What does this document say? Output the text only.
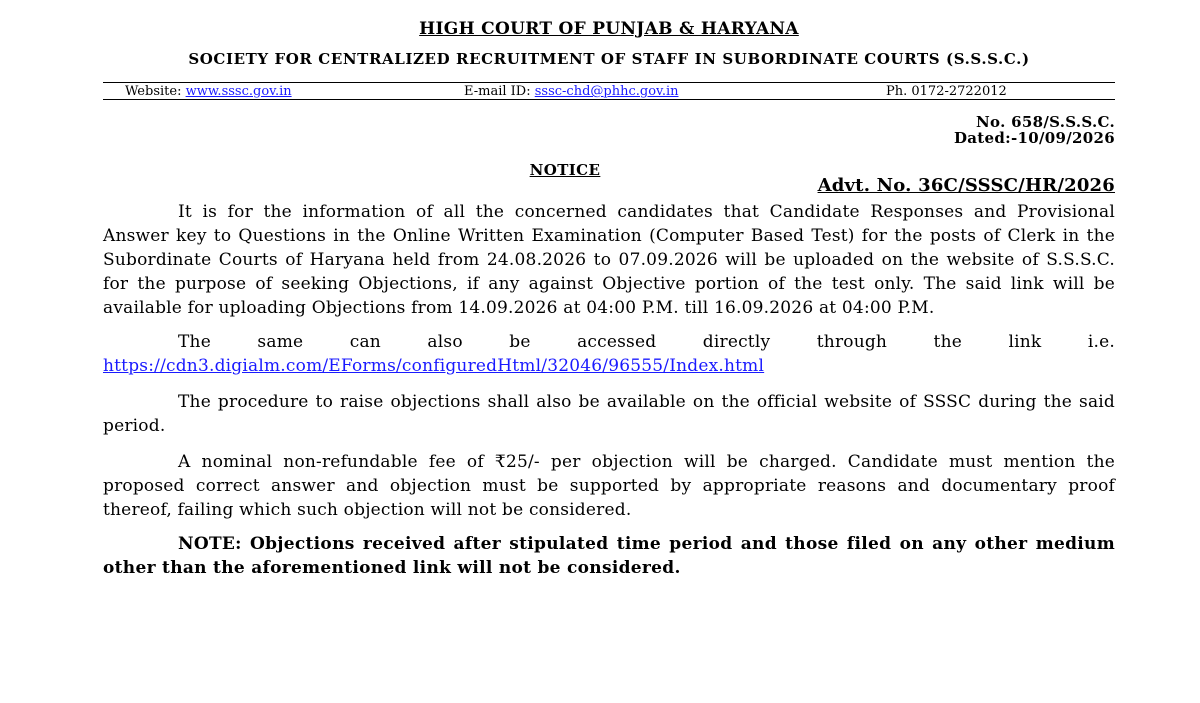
HIGH COURT OF PUNJAB & HARYANA
SOCIETY FOR CENTRALIZED RECRUITMENT OF STAFF IN SUBORDINATE COURTS (S.S.S.C.)
Website: www.sssc.gov.in	E-mail ID: sssc-chd@phhc.gov.in	Ph. 0172-2722012
No. 658/S.S.S.C.
Dated:-10/09/2026
NOTICE
Advt. No. 36C/SSSC/HR/2026

It is for the information of all the concerned candidates that Candidate Responses and Provisional Answer key to Questions in the Online Written Examination (Computer Based Test) for the posts of Clerk in the Subordinate Courts of Haryana held from 24.08.2026 to 07.09.2026 will be uploaded on the website of S.S.S.C. for the purpose of seeking Objections, if any against Objective portion of the test only. The said link will be available for uploading Objections from 14.09.2026 at 04:00 P.M. till 16.09.2026 at 04:00 P.M.

The same can also be accessed directly through the link i.e.

https://cdn3.digialm.com/EForms/configuredHtml/32046/96555/Index.html

The procedure to raise objections shall also be available on the official website of SSSC during the said period.

A nominal non-refundable fee of ₹25/- per objection will be charged. Candidate must mention the proposed correct answer and objection must be supported by appropriate reasons and documentary proof thereof, failing which such objection will not be considered.

NOTE: Objections received after stipulated time period and those filed on any other medium other than the aforementioned link will not be considered.
